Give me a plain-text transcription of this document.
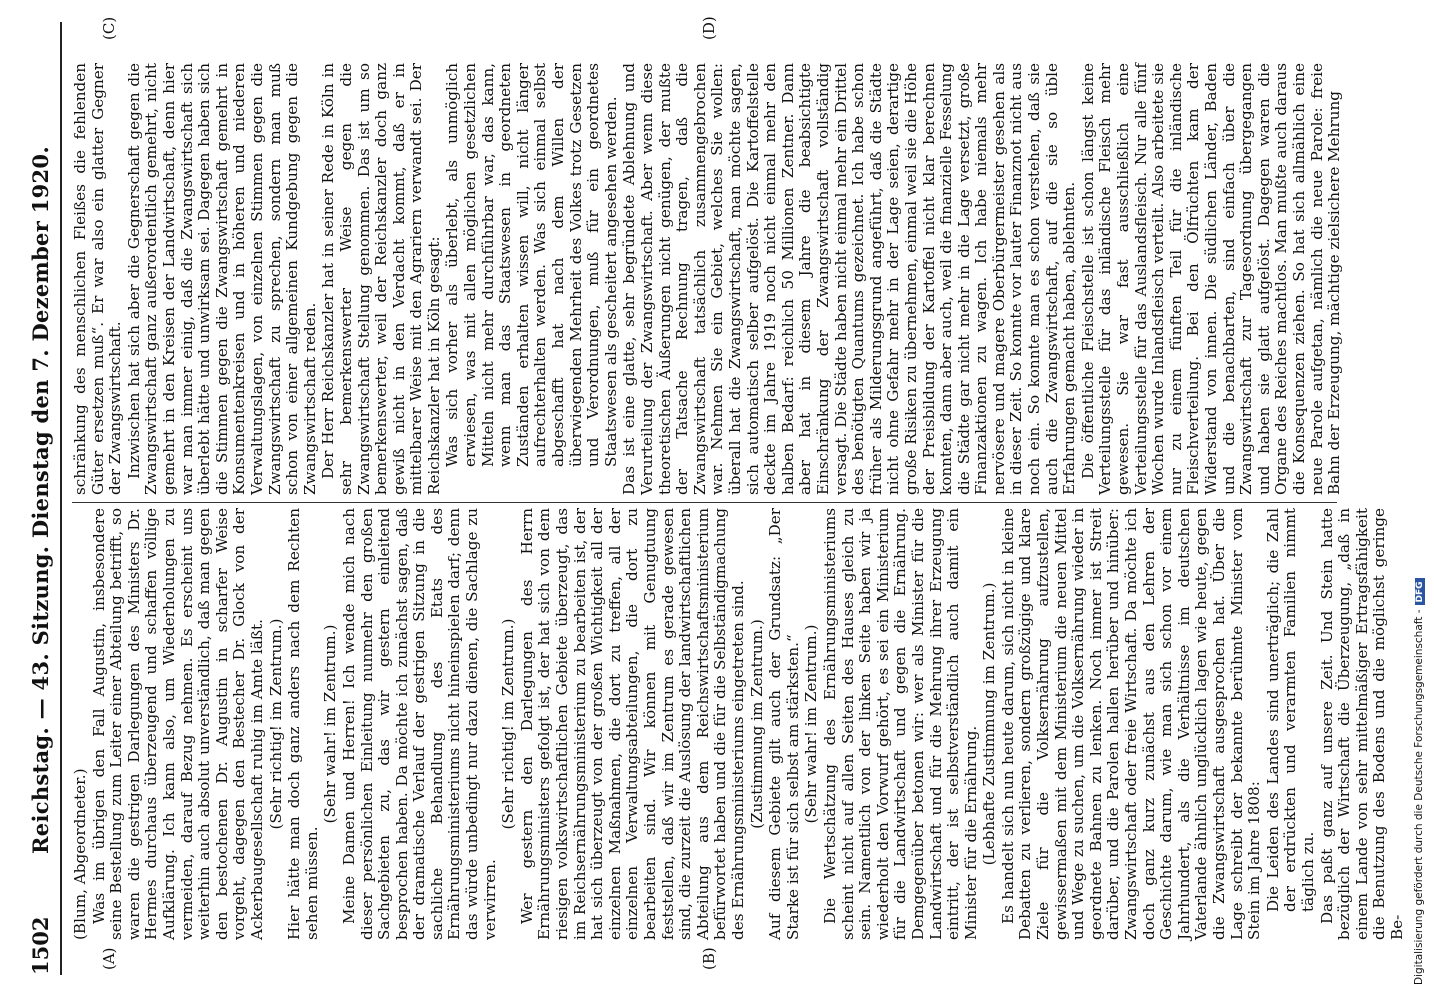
1502
Reichstag. — 43. Sitzung. Dienstag den 7. Dezember 1920.
(A)	(B)
(C)	(D)

(Blum, Abgeordneter.) Was im übrigen den Fall Augustin, insbesondere seine Bestellung zum Leiter einer Abteilung betrifft, so waren die gestrigen Darlegungen des Ministers Dr. Hermes durchaus überzeugend und schaffen völlige Aufklärung. Ich kann also, um Wiederholungen zu vermeiden, darauf Bezug nehmen. Es erscheint uns weiterhin auch absolut unverständlich, daß man gegen den bestochenen Dr. Augustin in scharfer Weise vorgeht, dagegen den Bestecher Dr. Glock von der Ackerbaugesellschaft ruhig im Amte läßt. (Sehr richtig! im Zentrum.) Hier hätte man doch ganz anders nach dem Rechten sehen müssen.

(Sehr wahr! im Zentrum.) Meine Damen und Herren! Ich wende mich nach dieser persönlichen Einleitung nunmehr den großen Sachgebieten zu, das wir gestern einleitend besprochen haben. Da möchte ich zunächst sagen, daß der dramatische Verlauf der gestrigen Sitzung in die sachliche Behandlung des Etats des Ernährungsministeriums nicht hineinspielen darf; denn das würde unbedingt nur dazu dienen, die Sachlage zu verwirren.

(Sehr richtig! im Zentrum.) Wer gestern den Darlegungen des Herrn Ernährungsministers gefolgt ist, der hat sich von dem riesigen volkswirtschaftlichen Gebiete überzeugt, das im Reichsernährungsministerium zu bearbeiten ist, der hat sich überzeugt von der großen Wichtigkeit all der einzelnen Maßnahmen, die dort zu treffen, all der einzelnen Verwaltungsabteilungen, die dort zu bearbeiten sind. Wir können mit Genugtuung feststellen, daß wir im Zentrum es gerade gewesen sind, die zurzeit die Auslösung der landwirtschaftlichen Abteilung aus dem Reichswirtschaftsministerium befürwortet haben und die für die Selbständigmachung des Ernährungsministeriums eingetreten sind. (Zustimmung im Zentrum.) Auf diesem Gebiete gilt auch der Grundsatz: „Der Starke ist für sich selbst am stärksten.“ (Sehr wahr! im Zentrum.) Die Wertschätzung des Ernährungsministeriums scheint nicht auf allen Seiten des Hauses gleich zu sein. Namentlich von der linken Seite haben wir ja wiederholt den Vorwurf gehört, es sei ein Ministerium für die Landwirtschaft und gegen die Ernährung. Demgegenüber betonen wir: wer als Minister für die Landwirtschaft und für die Mehrung ihrer Erzeugung eintritt, der ist selbstverständlich auch damit ein Minister für die Ernährung. (Lebhafte Zustimmung im Zentrum.) Es handelt sich nun heute darum, sich nicht in kleine Debatten zu verlieren, sondern großzügige und klare Ziele für die Volksernährung aufzustellen, gewissermaßen mit dem Ministerium die neuen Mittel und Wege zu suchen, um die Volksernährung wieder in geordnete Bahnen zu lenken. Noch immer ist Streit darüber, und die Parolen hallen herüber und hinüber: Zwangswirtschaft oder freie Wirtschaft. Da möchte ich doch ganz kurz zunächst aus den Lehren der Geschichte darum, wie man sich schon vor einem Jahrhundert, als die Verhältnisse im deutschen Vaterlande ähnlich unglücklich lagen wie heute, gegen die Zwangswirtschaft ausgesprochen hat. Über die Lage schreibt der bekannte berühmte Minister vom Stein im Jahre 1808: Die Leiden des Landes sind unerträglich; die Zahl der erdrückten und verarmten Familien nimmt täglich zu. Das paßt ganz auf unsere Zeit. Und Stein hatte bezüglich der Wirtschaft die Überzeugung, „daß in einem Lande von sehr mittelmäßiger Ertragsfähigkeit die Benutzung des Bodens und die möglichst geringe Be-

schränkung des menschlichen Fleißes die fehlenden Güter ersetzen muß“. Er war also ein glatter Gegner der Zwangswirtschaft. Inzwischen hat sich aber die Gegnerschaft gegen die Zwangswirtschaft ganz außerordentlich gemehrt, nicht gemehrt in den Kreisen der Landwirtschaft, denn hier war man immer einig, daß die Zwangswirtschaft sich überlebt hätte und unwirksam sei. Dagegen haben sich die Stimmen gegen die Zwangswirtschaft gemehrt in Konsumentenkreisen und in höheren und niederen Verwaltungslagen, von einzelnen Stimmen gegen die Zwangswirtschaft zu sprechen, sondern man muß schon von einer allgemeinen Kundgebung gegen die Zwangswirtschaft reden. Der Herr Reichskanzler hat in seiner Rede in Köln in sehr bemerkenswerter Weise gegen die Zwangswirtschaft Stellung genommen. Das ist um so bemerkenswerter, weil der Reichskanzler doch ganz gewiß nicht in den Verdacht kommt, daß er in mittelbarer Weise mit den Agrariern verwandt sei. Der Reichskanzler hat in Köln gesagt: Was sich vorher als überlebt, als unmöglich erwiesen, was mit allen möglichen gesetzlichen Mitteln nicht mehr durchführbar war, das kann, wenn man das Staatswesen in geordneten Zuständen erhalten wissen will, nicht länger aufrechterhalten werden. Was sich einmal selbst abgeschafft hat nach dem Willen der überwiegenden Mehrheit des Volkes trotz Gesetzen und Verordnungen, muß für ein geordnetes Staatswesen als gescheitert angesehen werden. Das ist eine glatte, sehr begründete Ablehnung und Verurteilung der Zwangswirtschaft. Aber wenn diese theoretischen Äußerungen nicht genügen, der mußte der Tatsache Rechnung tragen, daß die Zwangswirtschaft tatsächlich zusammengebrochen war. Nehmen Sie ein Gebiet, welches Sie wollen: überall hat die Zwangswirtschaft, man möchte sagen, sich automatisch selber aufgelöst. Die Kartoffelstelle deckte im Jahre 1919 noch nicht einmal mehr den halben Bedarf: reichlich 50 Millionen Zentner. Dann aber hat in diesem Jahre die beabsichtigte Einschränkung der Zwangswirtschaft vollständig versagt. Die Städte haben nicht einmal mehr ein Drittel des benötigten Quantums gezeichnet. Ich habe schon früher als Milderungsgrund angeführt, daß die Städte nicht ohne Gefahr mehr in der Lage seien, derartige große Risiken zu übernehmen, einmal weil sie die Höhe der Preisbildung der Kartoffel nicht klar berechnen konnten, dann aber auch, weil die finanzielle Fesselung die Städte gar nicht mehr in die Lage versetzt, große Finanzaktionen zu wagen. Ich habe niemals mehr nervösere und magere Oberbürgermeister gesehen als in dieser Zeit. So konnte vor lauter Finanznot nicht aus noch ein. So konnte man es schon verstehen, daß sie auch die Zwangswirtschaft, auf die sie so üble Erfahrungen gemacht haben, ablehnten. Die öffentliche Fleischstelle ist schon längst keine Verteilungsstelle für das inländische Fleisch mehr gewesen. Sie war fast ausschließlich eine Verteilungsstelle für das Auslandsfleisch. Nur alle fünf Wochen wurde Inlandsfleisch verteilt. Also arbeitete sie nur zu einem fünften Teil für die inländische Fleischverteilung. Bei den Ölfrüchten kam der Widerstand von innen. Die südlichen Länder, Baden und die benachbarten, sind einfach über die Zwangswirtschaft zur Tagesordnung übergegangen und haben sie glatt aufgelöst. Dagegen waren die Organe des Reiches machtlos. Man mußte auch daraus die Konsequenzen ziehen. So hat sich allmählich eine neue Parole aufgetan, nämlich die neue Parole: freie Bahn der Erzeugung, mächtige zielsichere Mehrung

Digitalisierung gefördert durch die Deutsche Forschungsgemeinschaft -DFG
